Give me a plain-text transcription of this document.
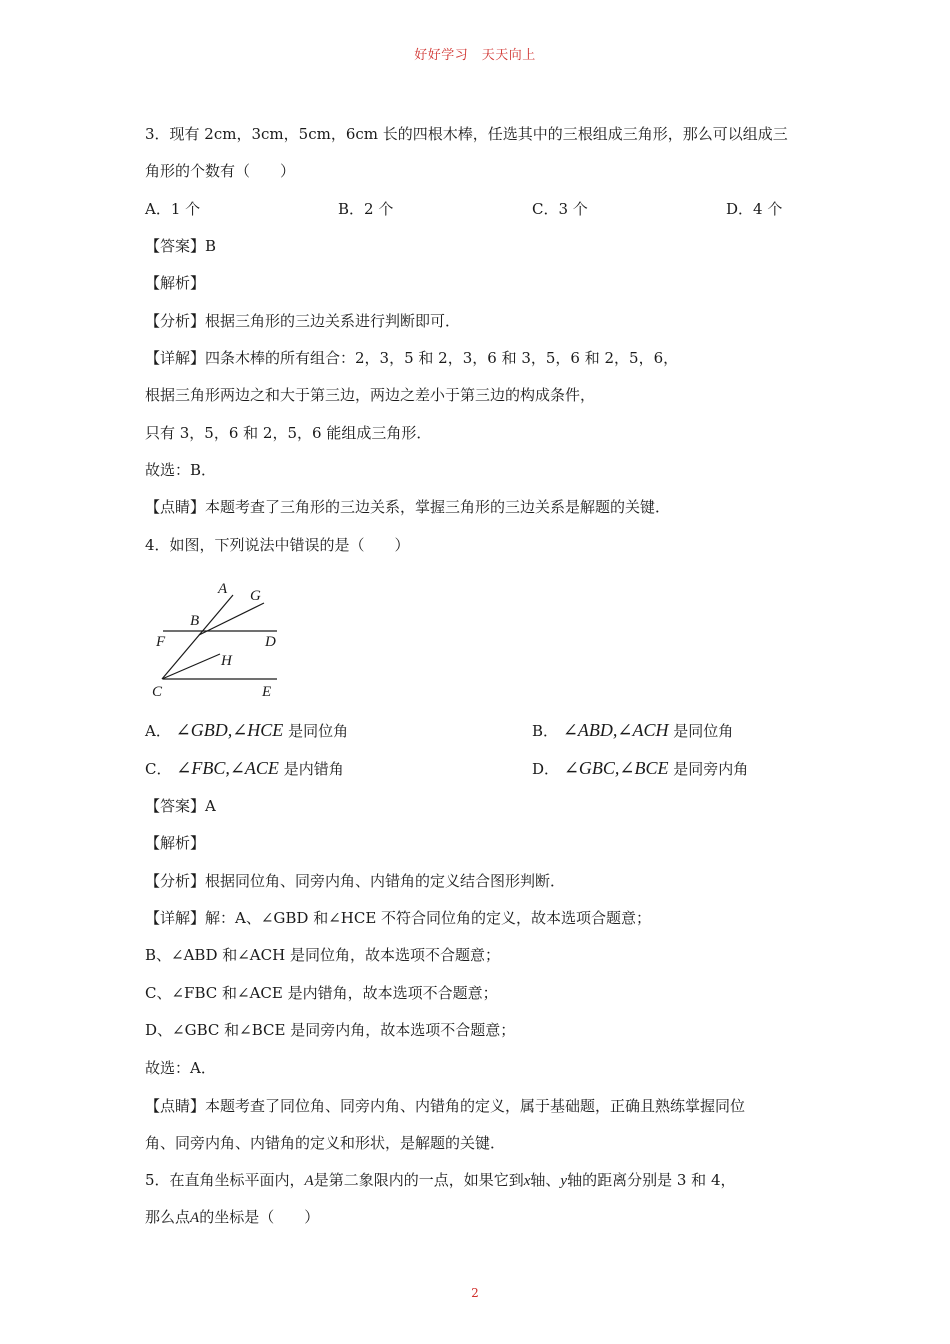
好好学习　天天向上
3．现有 2cm，3cm，5cm，6cm 长的四根木棒，任选其中的三根组成三角形，那么可以组成三
角形的个数有（　　）
A．1 个	B．2 个	C．3 个	D．4 个
【答案】B
【解析】
【分析】根据三角形的三边关系进行判断即可．
【详解】四条木棒的所有组合：2，3，5 和 2，3，6 和 3，5，6 和 2，5，6，
根据三角形两边之和大于第三边，两边之差小于第三边的构成条件，
只有 3，5，6 和 2，5，6 能组成三角形．
故选：B．
【点睛】本题考查了三角形的三边关系，掌握三角形的三边关系是解题的关键．
4．如图，下列说法中错误的是（　　）
A G
B
F	D
H
C	E
A． ∠GBD,∠HCE 是同位角	B． ∠ABD,∠ACH 是同位角
C． ∠FBC,∠ACE 是内错角	D． ∠GBC,∠BCE 是同旁内角
【答案】A
【解析】
【分析】根据同位角、同旁内角、内错角的定义结合图形判断．
【详解】解：A、∠GBD 和∠HCE 不符合同位角的定义，故本选项合题意；
B、∠ABD 和∠ACH 是同位角，故本选项不合题意；
C、∠FBC 和∠ACE 是内错角，故本选项不合题意；
D、∠GBC 和∠BCE 是同旁内角，故本选项不合题意；
故选：A．
【点睛】本题考查了同位角、同旁内角、内错角的定义，属于基础题，正确且熟练掌握同位
角、同旁内角、内错角的定义和形状，是解题的关键．
5．在直角坐标平面内，A是第二象限内的一点，如果它到x轴、y轴的距离分别是 3 和 4，
那么点A的坐标是（　　）
2
